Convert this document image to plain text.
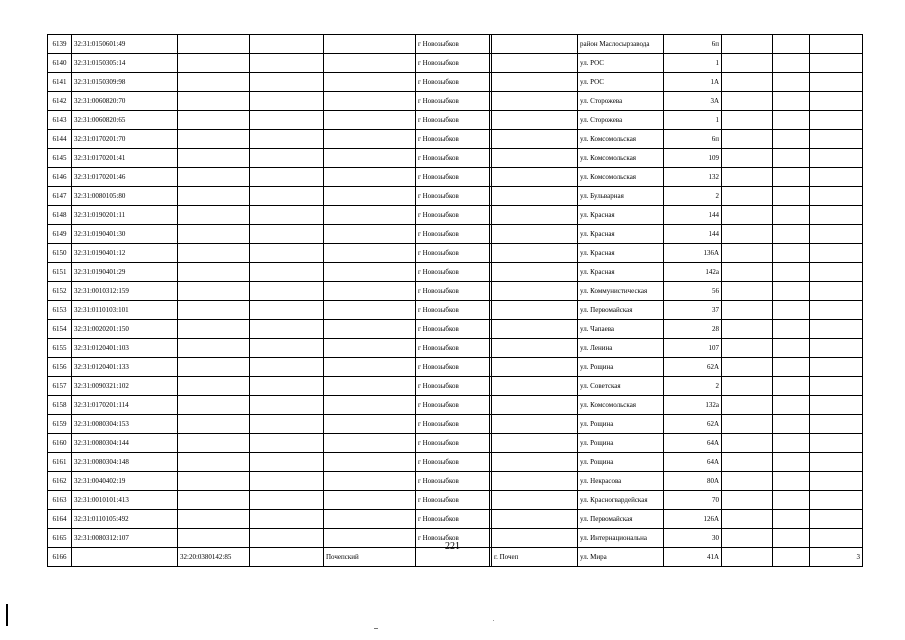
6139	32:31:0150601:49				г Новозыбков			район Маслосырзавода	6п			
6140	32:31:0150305:14				г Новозыбков			ул. РОС	1			
6141	32:31:0150309:98				г Новозыбков			ул. РОС	1А			
6142	32:31:0060820:70				г Новозыбков			ул. Сторожева	3А			
6143	32:31:0060820:65				г Новозыбков			ул. Сторожева	1			
6144	32:31:0170201:70				г Новозыбков			ул. Комсомольская	6п			
6145	32:31:0170201:41				г Новозыбков			ул. Комсомольская	109			
6146	32:31:0170201:46				г Новозыбков			ул. Комсомольская	132			
6147	32:31:0080105:80				г Новозыбков			ул. Бульварная	2			
6148	32:31:0190201:11				г Новозыбков			ул. Красная	144			
6149	32:31:0190401:30				г Новозыбков			ул. Красная	144			
6150	32:31:0190401:12				г Новозыбков			ул. Красная	136А			
6151	32:31:0190401:29				г Новозыбков			ул. Красная	142а			
6152	32:31:0010312:159				г Новозыбков			ул. Коммунистическая	56			
6153	32:31:0110103:101				г Новозыбков			ул. Первомайская	37			
6154	32:31:0020201:150				г Новозыбков			ул. Чапаева	28			
6155	32:31:0120401:103				г Новозыбков			ул. Ленина	107			
6156	32:31:0120401:133				г Новозыбков			ул. Рощина	62А			
6157	32:31:0090321:102				г Новозыбков			ул. Советская	2			
6158	32:31:0170201:114				г Новозыбков			ул. Комсомольская	132а			
6159	32:31:0080304:153				г Новозыбков			ул. Рощина	62А			
6160	32:31:0080304:144				г Новозыбков			ул. Рощина	64А			
6161	32:31:0080304:148				г Новозыбков			ул. Рощина	64А			
6162	32:31:0040402:19				г Новозыбков			ул. Некрасова	80А			
6163	32:31:0010101:413				г Новозыбков			ул. Красногвардейская	70			
6164	32:31:0110105:492				г Новозыбков			ул. Первомайская	126А			
6165	32:31:0080312:107				г Новозыбков			ул. Интернациональна	30			
6166		32:20:0380142:85		Почепский			г. Почеп	ул. Мира	41А			3
221
